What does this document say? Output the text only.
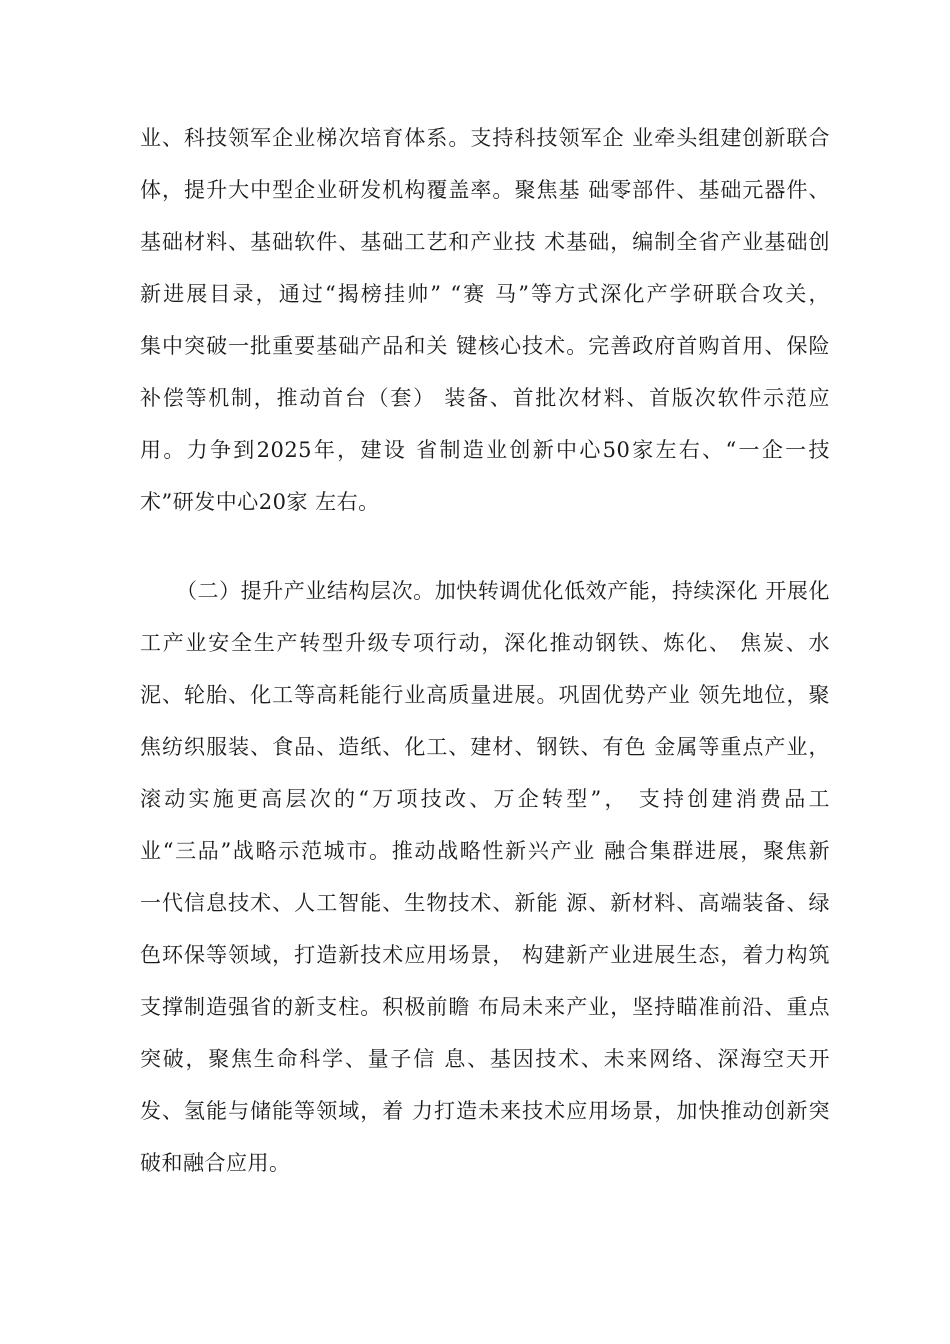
业、科技领军企业梯次培育体系。支持科技领军企 业牵头组建创新联合
体，提升大中型企业研发机构覆盖率。聚焦基 础零部件、基础元器件、
基础材料、基础软件、基础工艺和产业技 术基础，编制全省产业基础创
新进展目录，通过“揭榜挂帅” “赛 马”等方式深化产学研联合攻关，
集中突破一批重要基础产品和关 键核心技术。完善政府首购首用、保险
补偿等机制，推动首台（套） 装备、首批次材料、首版次软件示范应
用。力争到2025年，建设 省制造业创新中心50家左右、“一企一技
术”研发中心20家 左右。
（二）提升产业结构层次。加快转调优化低效产能，持续深化 开展化
工产业安全生产转型升级专项行动，深化推动钢铁、炼化、 焦炭、水
泥、轮胎、化工等高耗能行业高质量进展。巩固优势产业 领先地位，聚
焦纺织服装、食品、造纸、化工、建材、钢铁、有色 金属等重点产业，
滚动实施更高层次的“万项技改、万企转型”， 支持创建消费品工
业“三品”战略示范城市。推动战略性新兴产业 融合集群进展，聚焦新
一代信息技术、人工智能、生物技术、新能 源、新材料、高端装备、绿
色环保等领域，打造新技术应用场景， 构建新产业进展生态，着力构筑
支撑制造强省的新支柱。积极前瞻 布局未来产业，坚持瞄准前沿、重点
突破，聚焦生命科学、量子信 息、基因技术、未来网络、深海空天开
发、氢能与储能等领域，着 力打造未来技术应用场景，加快推动创新突
破和融合应用。
